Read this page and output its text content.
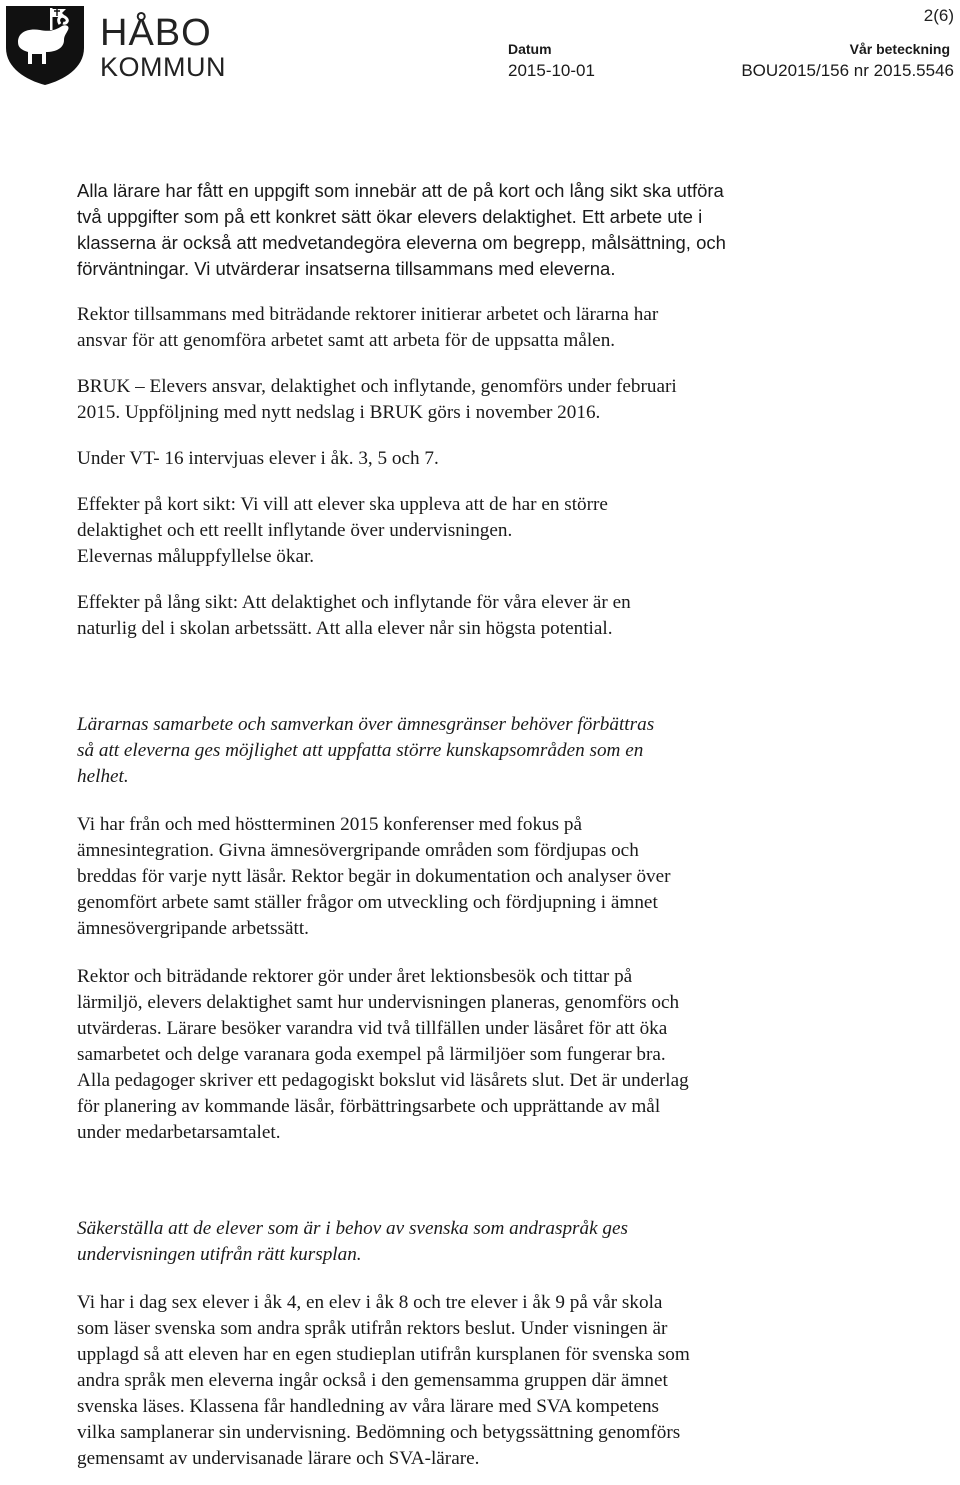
HÅBO
KOMMUN
2(6)
Datum
2015-10-01
Vår beteckning
BOU2015/156 nr 2015.5546

Alla lärare har fått en uppgift som innebär att de på kort och lång sikt ska utföra
två uppgifter som på ett konkret sätt ökar elevers delaktighet. Ett arbete ute i
klasserna är också att medvetandegöra eleverna om begrepp, målsättning, och
förväntningar. Vi utvärderar insatserna tillsammans med eleverna.

Rektor tillsammans med biträdande rektorer initierar arbetet och lärarna har
ansvar för att genomföra arbetet samt att arbeta för de uppsatta målen.

BRUK – Elevers ansvar, delaktighet och inflytande, genomförs under februari
2015. Uppföljning med nytt nedslag i BRUK görs i november 2016.

Under VT- 16 intervjuas elever i åk. 3, 5 och 7.

Effekter på kort sikt: Vi vill att elever ska uppleva att de har en större
delaktighet och ett reellt inflytande över undervisningen.
Elevernas måluppfyllelse ökar.

Effekter på lång sikt: Att delaktighet och inflytande för våra elever är en
naturlig del i skolan arbetssätt. Att alla elever når sin högsta potential.

Lärarnas samarbete och samverkan över ämnesgränser behöver förbättras
så att eleverna ges möjlighet att uppfatta större kunskapsområden som en
helhet.

Vi har från och med höstterminen 2015 konferenser med fokus på
ämnesintegration. Givna ämnesövergripande områden som fördjupas och
breddas för varje nytt läsår. Rektor begär in dokumentation och analyser över
genomfört arbete samt ställer frågor om utveckling och fördjupning i ämnet
ämnesövergripande arbetssätt.

Rektor och biträdande rektorer gör under året lektionsbesök och tittar på
lärmiljö, elevers delaktighet samt hur undervisningen planeras, genomförs och
utvärderas. Lärare besöker varandra vid två tillfällen under läsåret för att öka
samarbetet och delge varanara goda exempel på lärmiljöer som fungerar bra.
Alla pedagoger skriver ett pedagogiskt bokslut vid läsårets slut. Det är underlag
för planering av kommande läsår, förbättringsarbete och upprättande av mål
under medarbetarsamtalet.

Säkerställa att de elever som är i behov av svenska som andraspråk ges
undervisningen utifrån rätt kursplan.

Vi har i dag sex elever i åk 4, en elev i åk 8 och tre elever i åk 9 på vår skola
som läser svenska som andra språk utifrån rektors beslut. Under visningen är
upplagd så att eleven har en egen studieplan utifrån kursplanen för svenska som
andra språk men eleverna ingår också i den gemensamma gruppen där ämnet
svenska läses. Klassena får handledning av våra lärare med SVA kompetens
vilka samplanerar sin undervisning. Bedömning och betygssättning genomförs
gemensamt av undervisanade lärare och SVA-lärare.
